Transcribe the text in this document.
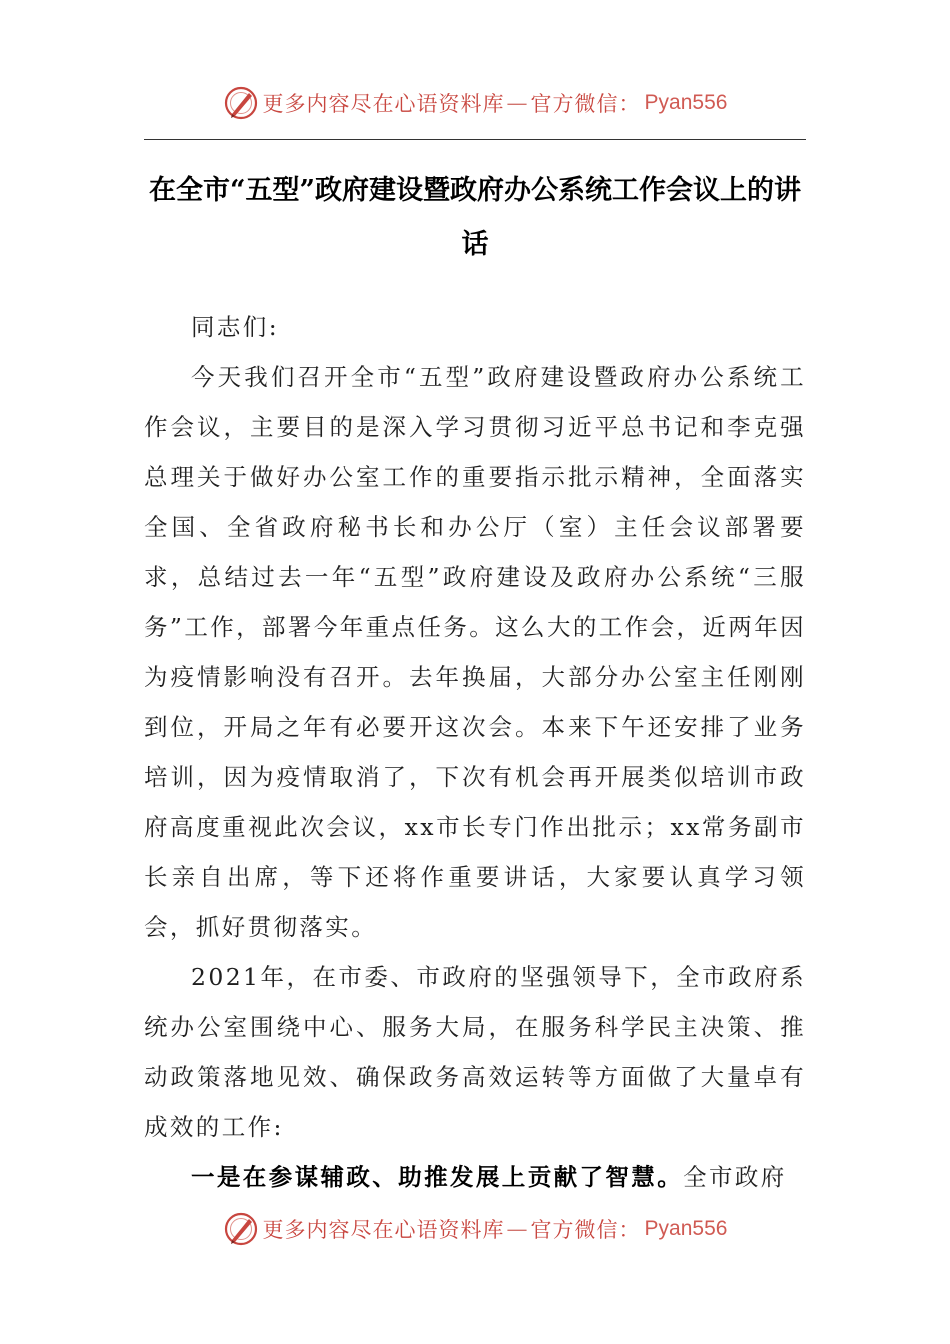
更多内容尽在心语资料库 — 官方微信： Pyan556
在全市“五型”政府建设暨政府办公系统工作会议上的讲话

同志们:

今天我们召开全市“五型”政府建设暨政府办公系统工作会议，主要目的是深入学习贯彻习近平总书记和李克强总理关于做好办公室工作的重要指示批示精神，全面落实全国、全省政府秘书长和办公厅（室）主任会议部署要求，总结过去一年“五型”政府建设及政府办公系统“三服务”工作，部署今年重点任务。这么大的工作会，近两年因为疫情影响没有召开。去年换届，大部分办公室主任刚刚到位，开局之年有必要开这次会。本来下午还安排了业务培训，因为疫情取消了，下次有机会再开展类似培训市政府高度重视此次会议，xx市长专门作出批示；xx常务副市长亲自出席，等下还将作重要讲话，大家要认真学习领会，抓好贯彻落实。

2021年，在市委、市政府的坚强领导下，全市政府系统办公室围绕中心、服务大局，在服务科学民主决策、推动政策落地见效、确保政务高效运转等方面做了大量卓有成效的工作:

一是在参谋辅政、助推发展上贡献了智慧。全市政府

更多内容尽在心语资料库 — 官方微信： Pyan556
